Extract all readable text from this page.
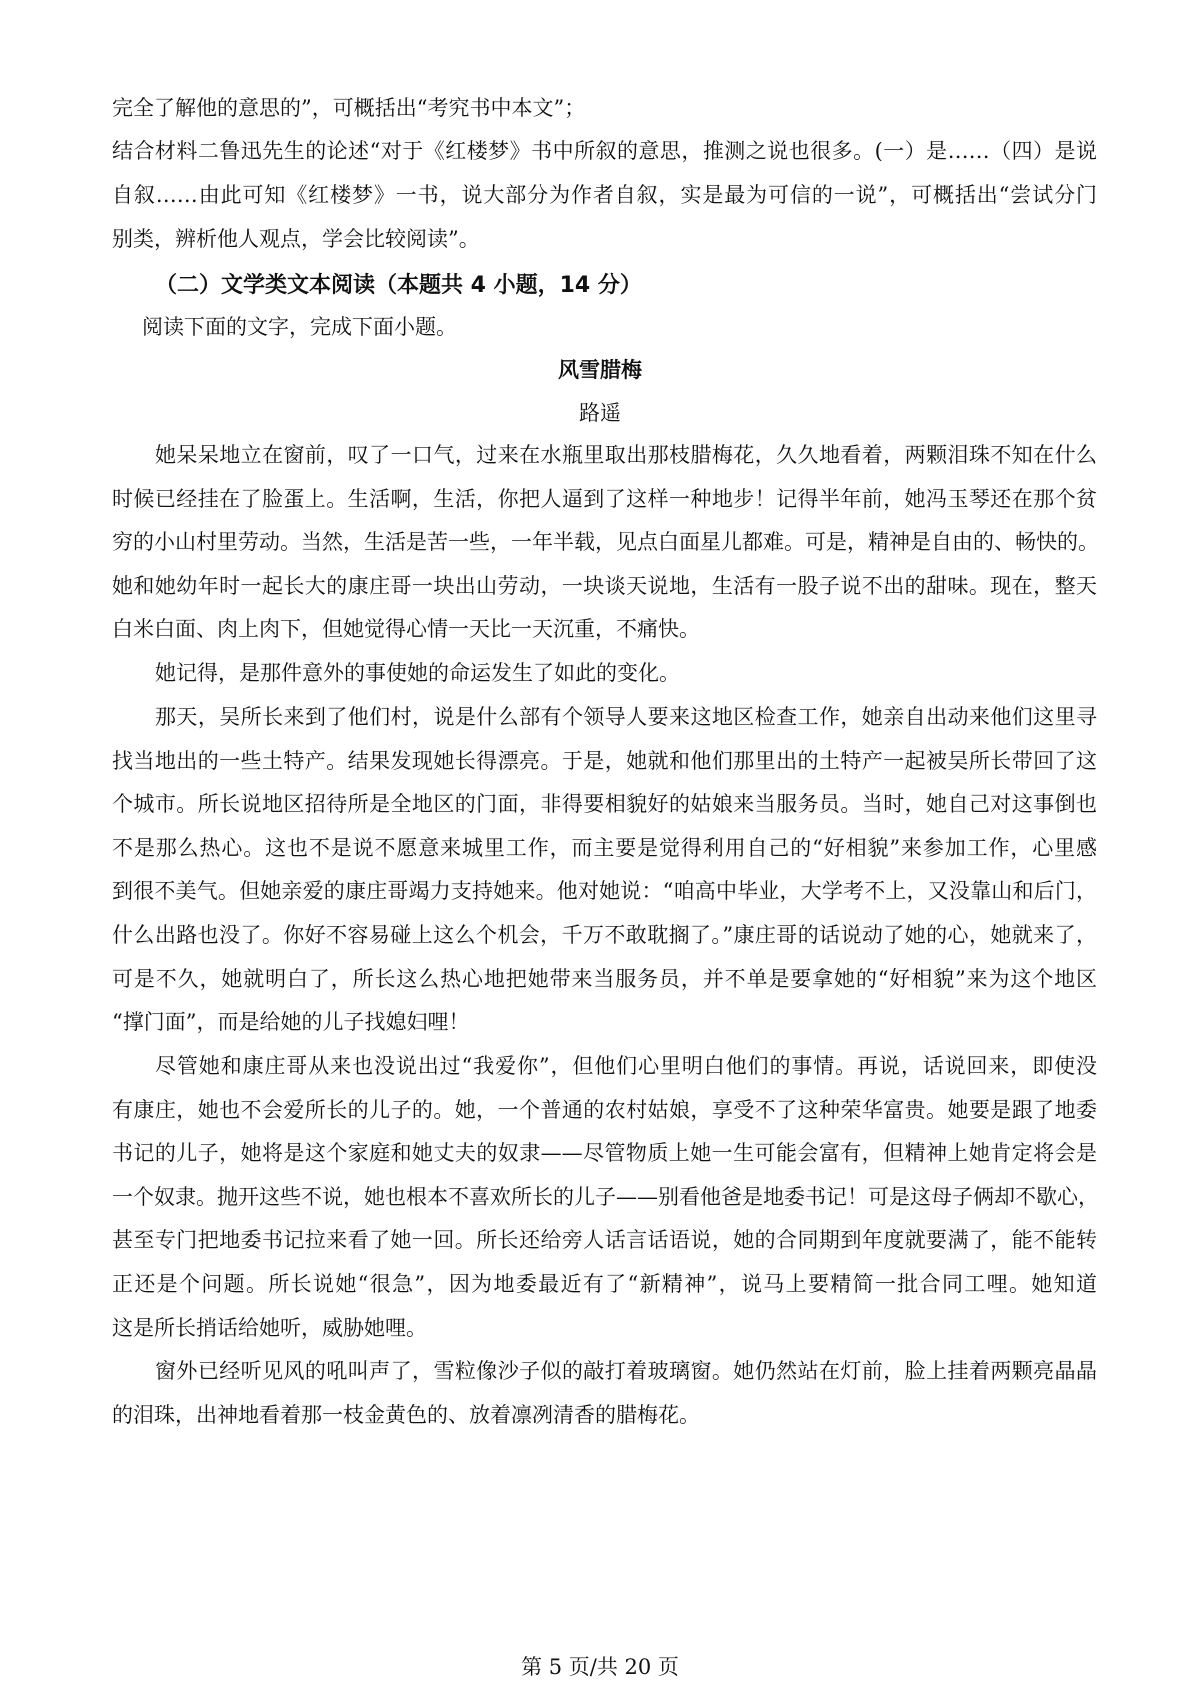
完全了解他的意思的”，可概括出“考究书中本文”；
结合材料二鲁迅先生的论述“对于《红楼梦》书中所叙的意思，推测之说也很多。(一）是……（四）是说
自叙……由此可知《红楼梦》一书，说大部分为作者自叙，实是最为可信的一说”，可概括出“尝试分门
别类，辨析他人观点，学会比较阅读”。
（二）文学类文本阅读（本题共 4 小题，14 分）
阅读下面的文字，完成下面小题。
风雪腊梅
路遥
她呆呆地立在窗前，叹了一口气，过来在水瓶里取出那枝腊梅花，久久地看着，两颗泪珠不知在什么
时候已经挂在了脸蛋上。生活啊，生活，你把人逼到了这样一种地步！记得半年前，她冯玉琴还在那个贫
穷的小山村里劳动。当然，生活是苦一些，一年半载，见点白面星儿都难。可是，精神是自由的、畅快的。
她和她幼年时一起长大的康庄哥一块出山劳动，一块谈天说地，生活有一股子说不出的甜味。现在，整天
白米白面、肉上肉下，但她觉得心情一天比一天沉重，不痛快。
她记得，是那件意外的事使她的命运发生了如此的变化。
那天，吴所长来到了他们村，说是什么部有个领导人要来这地区检查工作，她亲自出动来他们这里寻
找当地出的一些土特产。结果发现她长得漂亮。于是，她就和他们那里出的土特产一起被吴所长带回了这
个城市。所长说地区招待所是全地区的门面，非得要相貌好的姑娘来当服务员。当时，她自己对这事倒也
不是那么热心。这也不是说不愿意来城里工作，而主要是觉得利用自己的“好相貌”来参加工作，心里感
到很不美气。但她亲爱的康庄哥竭力支持她来。他对她说：“咱高中毕业，大学考不上，又没靠山和后门，
什么出路也没了。你好不容易碰上这么个机会，千万不敢耽搁了。”康庄哥的话说动了她的心，她就来了，
可是不久，她就明白了，所长这么热心地把她带来当服务员，并不单是要拿她的“好相貌”来为这个地区
“撑门面”，而是给她的儿子找媳妇哩！
尽管她和康庄哥从来也没说出过“我爱你”，但他们心里明白他们的事情。再说，话说回来，即使没
有康庄，她也不会爱所长的儿子的。她，一个普通的农村姑娘，享受不了这种荣华富贵。她要是跟了地委
书记的儿子，她将是这个家庭和她丈夫的奴隶——尽管物质上她一生可能会富有，但精神上她肯定将会是
一个奴隶。抛开这些不说，她也根本不喜欢所长的儿子——别看他爸是地委书记！可是这母子俩却不歇心，
甚至专门把地委书记拉来看了她一回。所长还给旁人话言话语说，她的合同期到年度就要满了，能不能转
正还是个问题。所长说她“很急”，因为地委最近有了“新精神”，说马上要精简一批合同工哩。她知道
这是所长捎话给她听，威胁她哩。
窗外已经听见风的吼叫声了，雪粒像沙子似的敲打着玻璃窗。她仍然站在灯前，脸上挂着两颗亮晶晶
的泪珠，出神地看着那一枝金黄色的、放着凛冽清香的腊梅花。
第 5 页/共 20 页
